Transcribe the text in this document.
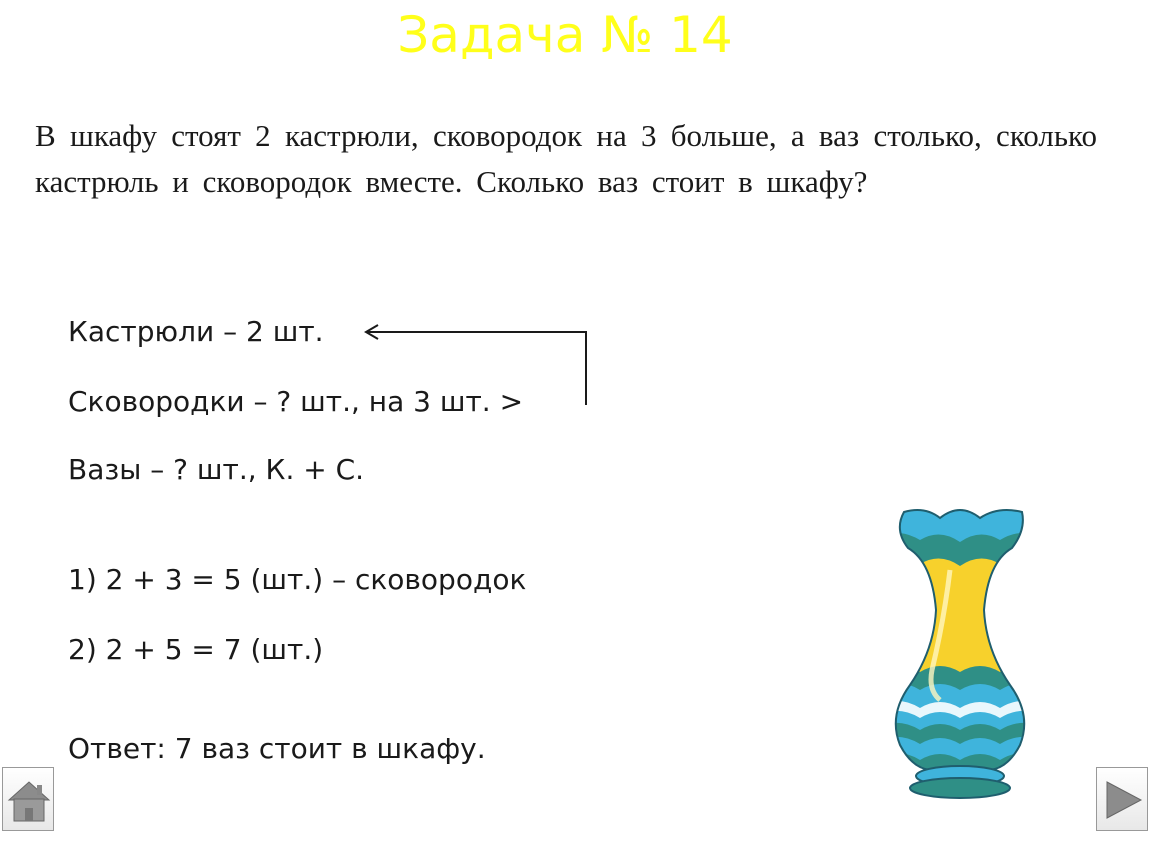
Задача № 14
В шкафу стоят 2 кастрюли, сковородок на 3 больше, а ваз столько, сколько кастрюль и сковородок вместе. Сколько ваз стоит в шкафу?
Кастрюли – 2 шт.
Сковородки – ? шт., на 3 шт. >
Вазы – ? шт., К. + С.
1) 2 + 3 = 5 (шт.) – сковородок
2) 2 + 5 = 7 (шт.)
Ответ: 7 ваз стоит в шкафу.
